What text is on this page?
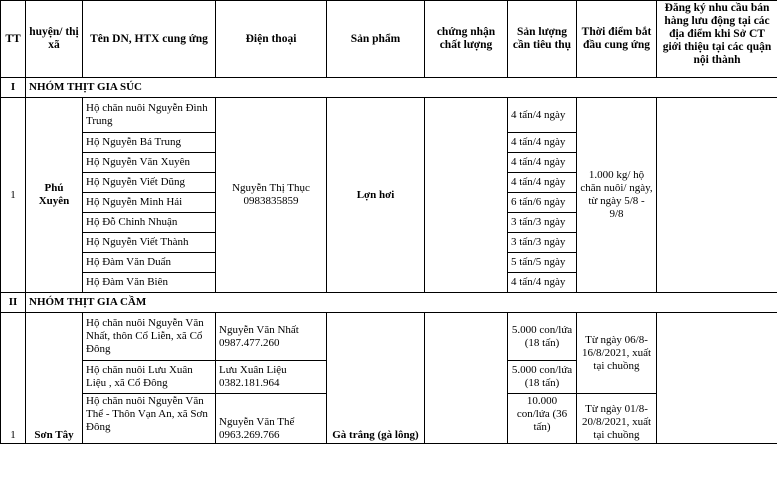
TT	huyện/ thị xã	Tên DN, HTX cung ứng	Điện thoại	Sản phẩm	chứng nhận chất lượng	Sản lượng cần tiêu thụ	Thời điểm bắt đầu cung ứng	Đăng ký nhu cầu bán hàng lưu động tại các địa điểm khi Sở CT giới thiệu tại các quận nội thành
I	NHÓM THỊT GIA SÚC							
1	Phú Xuyên	Hộ chăn nuôi Nguyễn Đình Trung	Nguyễn Thị Thục 0983835859	Lợn hơi		4 tấn/4 ngày	1.000 kg/ hộ chăn nuôi/ ngày, từ ngày 5/8 - 9/8	
		Hộ Nguyễn Bá Trung				4 tấn/4 ngày		
		Hộ Nguyễn Văn Xuyên				4 tấn/4 ngày		
		Hộ Nguyễn Viết Dũng				4 tấn/4 ngày		
		Hộ Nguyễn Minh Hải				6 tấn/6 ngày		
		Hộ Đỗ Chinh Nhuận				3 tấn/3 ngày		
		Hộ Nguyễn Viết Thành				3 tấn/3 ngày		
		Hộ Đàm Văn Duẩn				5 tấn/5 ngày		
		Hộ Đàm Văn Biên				4 tấn/4 ngày		
II	NHÓM THỊT GIA CẦM							
1	Sơn Tây	Hộ chăn nuôi Nguyễn Văn Nhất, thôn Cổ Liễn, xã Cổ Đông	Nguyễn Văn Nhất 0987.477.260	Gà trắng (gà lông)		5.000 con/lứa (18 tấn)	Từ ngày 06/8-16/8/2021, xuất tại chuồng	
		Hộ chăn nuôi Lưu Xuân Liệu , xã Cổ Đông	Lưu Xuân Liệu 0382.181.964			5.000 con/lứa (18 tấn)		
		Hộ chăn nuôi Nguyễn Văn Thể - Thôn Vạn An, xã Sơn Đông	Nguyễn Văn Thể 0963.269.766			10.000 con/lứa (36 tấn)	Từ ngày 01/8-20/8/2021, xuất tại chuồng	
